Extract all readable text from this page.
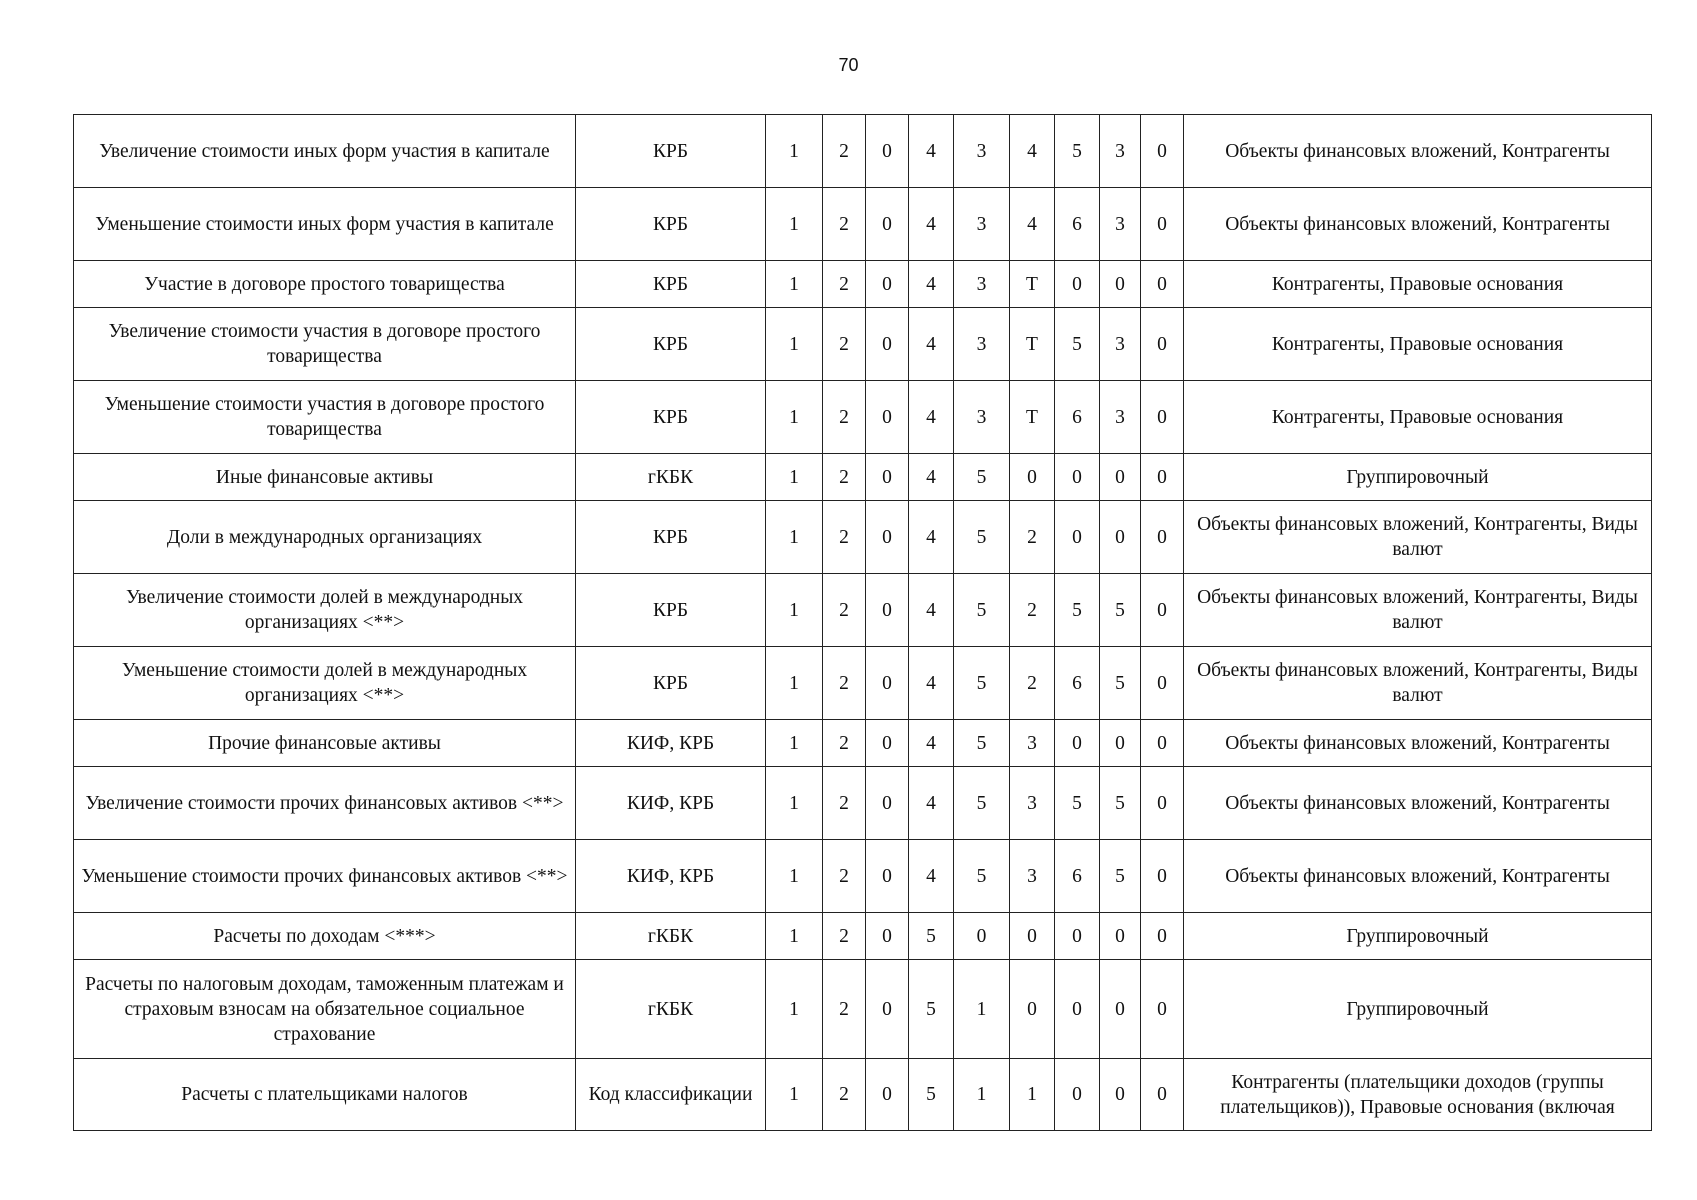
70
Увеличение стоимости иных форм участия в капитале	КРБ	1	2	0	4	3	4	5	3	0	Объекты финансовых вложений, Контрагенты
Уменьшение стоимости иных форм участия в капитале	КРБ	1	2	0	4	3	4	6	3	0	Объекты финансовых вложений, Контрагенты
Участие в договоре простого товарищества	КРБ	1	2	0	4	3	Т	0	0	0	Контрагенты, Правовые основания
Увеличение стоимости участия в договоре простого товарищества	КРБ	1	2	0	4	3	Т	5	3	0	Контрагенты, Правовые основания
Уменьшение стоимости участия в договоре простого товарищества	КРБ	1	2	0	4	3	Т	6	3	0	Контрагенты, Правовые основания
Иные финансовые активы	гКБК	1	2	0	4	5	0	0	0	0	Группировочный
Доли в международных организациях	КРБ	1	2	0	4	5	2	0	0	0	Объекты финансовых вложений, Контрагенты, Виды валют
Увеличение стоимости долей в международных организациях <**>	КРБ	1	2	0	4	5	2	5	5	0	Объекты финансовых вложений, Контрагенты, Виды валют
Уменьшение стоимости долей в международных организациях <**>	КРБ	1	2	0	4	5	2	6	5	0	Объекты финансовых вложений, Контрагенты, Виды валют
Прочие финансовые активы	КИФ, КРБ	1	2	0	4	5	3	0	0	0	Объекты финансовых вложений, Контрагенты
Увеличение стоимости прочих финансовых активов <**>	КИФ, КРБ	1	2	0	4	5	3	5	5	0	Объекты финансовых вложений, Контрагенты
Уменьшение стоимости прочих финансовых активов <**>	КИФ, КРБ	1	2	0	4	5	3	6	5	0	Объекты финансовых вложений, Контрагенты
Расчеты по доходам <***>	гКБК	1	2	0	5	0	0	0	0	0	Группировочный
Расчеты по налоговым доходам, таможенным платежам и страховым взносам на обязательное социальное страхование	гКБК	1	2	0	5	1	0	0	0	0	Группировочный
Расчеты с плательщиками налогов	Код классификации	1	2	0	5	1	1	0	0	0	Контрагенты (плательщики доходов (группы плательщиков)), Правовые основания (включая
